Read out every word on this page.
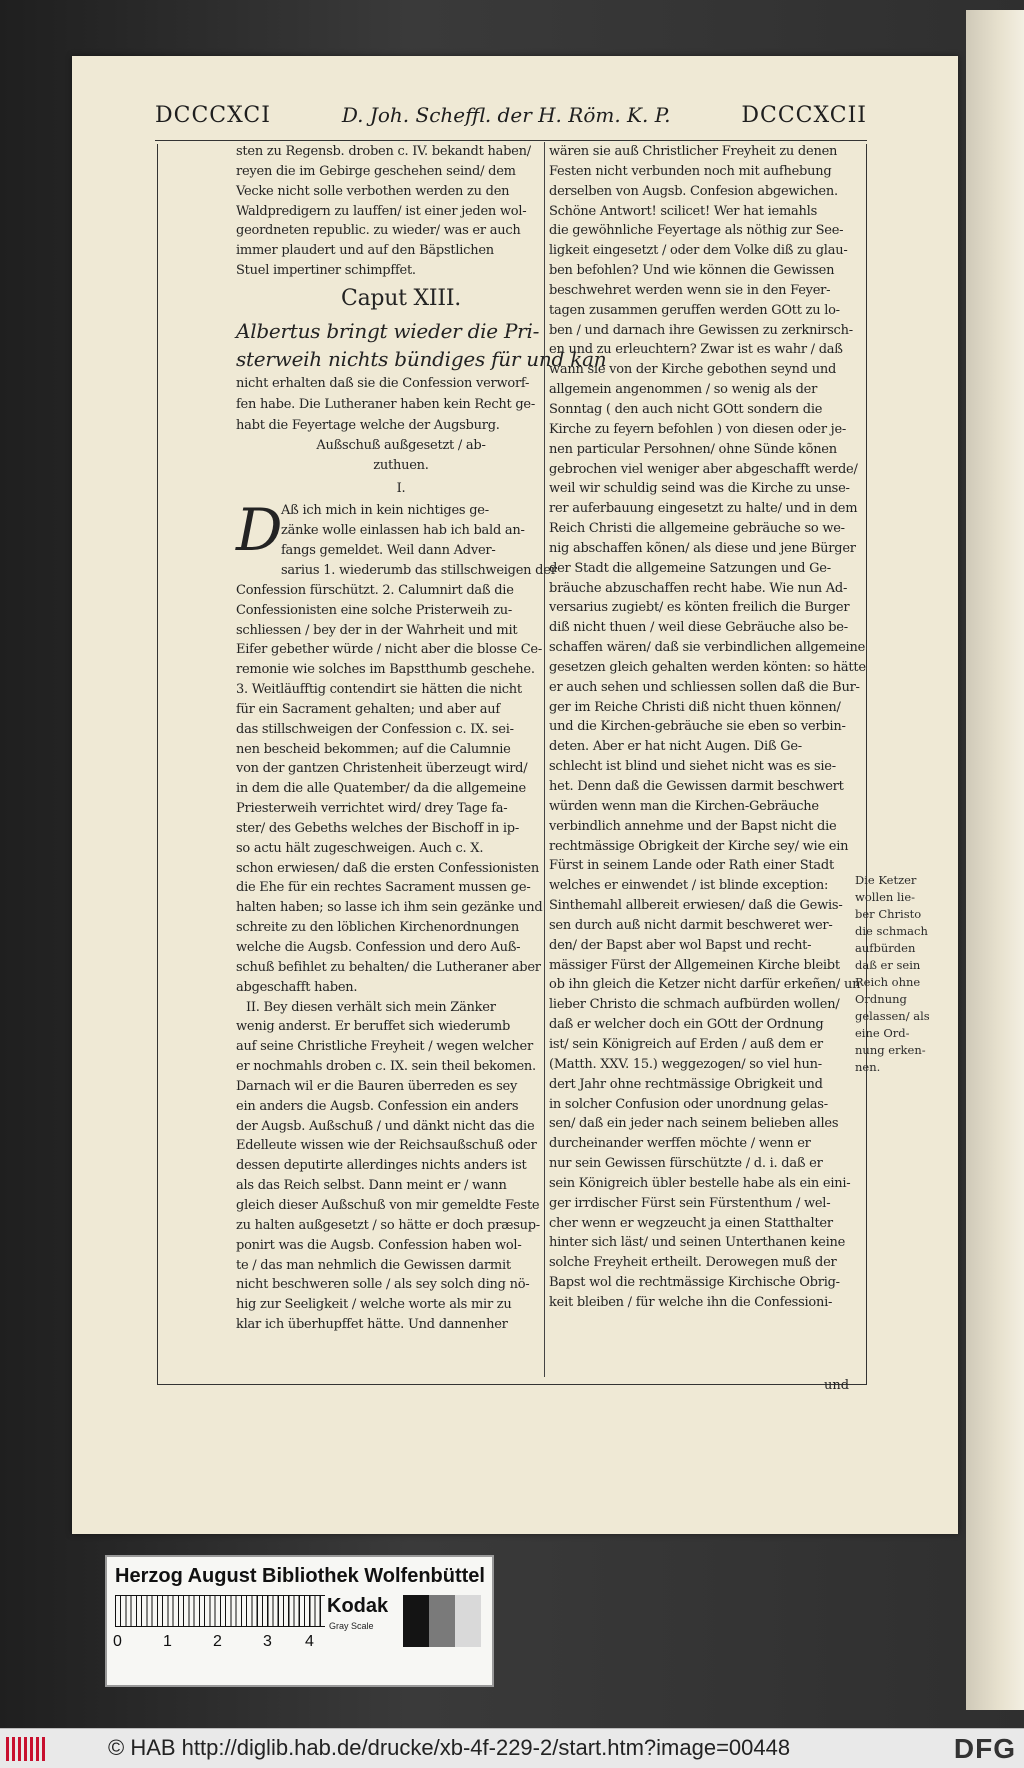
DCCCXCI	D. Joh. Scheffl. der H. Röm. K. P.	DCCCXCII
sten zu Regensb. droben c. IV. bekandt haben/
reyen die im Gebirge geschehen seind/ dem
Vecke nicht solle verbothen werden zu den
Waldpredigern zu lauffen/ ist einer jeden wol-
geordneten republic. zu wieder/ was er auch
immer plaudert und auf den Bäpstlichen
Stuel impertiner schimpffet.
Caput XIII.
Albertus bringt wieder die Pri-
sterweih nichts bündiges für und kan
nicht erhalten daß sie die Confession verworf-
fen habe. Die Lutheraner haben kein Recht ge-
habt die Feyertage welche der Augsburg.
Außschuß außgesetzt / ab-
zuthuen.
I.
D
Aß ich mich in kein nichtiges ge-
zänke wolle einlassen hab ich bald an-
fangs gemeldet. Weil dann Adver-
sarius 1. wiederumb das stillschweigen der
Confession fürschützt. 2. Calumnirt daß die
Confessionisten eine solche Pristerweih zu-
schliessen / bey der in der Wahrheit und mit
Eifer gebether würde / nicht aber die blosse Ce-
remonie wie solches im Bapstthumb geschehe.
3. Weitläufftig contendirt sie hätten die nicht
für ein Sacrament gehalten; und aber auf
das stillschweigen der Confession c. IX. sei-
nen bescheid bekommen; auf die Calumnie
von der gantzen Christenheit überzeugt wird/
in dem die alle Quatember/ da die allgemeine
Priesterweih verrichtet wird/ drey Tage fa-
ster/ des Gebeths welches der Bischoff in ip-
so actu hält zugeschweigen. Auch c. X.
schon erwiesen/ daß die ersten Confessionisten
die Ehe für ein rechtes Sacrament mussen ge-
halten haben; so lasse ich ihm sein gezänke und
schreite zu den löblichen Kirchenordnungen
welche die Augsb. Confession und dero Auß-
schuß befihlet zu behalten/ die Lutheraner aber
abgeschafft haben.
II. Bey diesen verhält sich mein Zänker
wenig anderst. Er beruffet sich wiederumb
auf seine Christliche Freyheit / wegen welcher
er nochmahls droben c. IX. sein theil bekomen.
Darnach wil er die Bauren überreden es sey
ein anders die Augsb. Confession ein anders
der Augsb. Außschuß / und dänkt nicht das die
Edelleute wissen wie der Reichsaußschuß oder
dessen deputirte allerdinges nichts anders ist
als das Reich selbst. Dann meint er / wann
gleich dieser Außschuß von mir gemeldte Feste
zu halten außgesetzt / so hätte er doch præsup-
ponirt was die Augsb. Confession haben wol-
te / das man nehmlich die Gewissen darmit
nicht beschweren solle / als sey solch ding nö-
hig zur Seeligkeit / welche worte als mir zu
klar ich überhupffet hätte. Und dannenher
wären sie auß Christlicher Freyheit zu denen
Festen nicht verbunden noch mit aufhebung
derselben von Augsb. Confesion abgewichen.
Schöne Antwort! scilicet! Wer hat iemahls
die gewöhnliche Feyertage als nöthig zur See-
ligkeit eingesetzt / oder dem Volke diß zu glau-
ben befohlen? Und wie können die Gewissen
beschwehret werden wenn sie in den Feyer-
tagen zusammen geruffen werden GOtt zu lo-
ben / und darnach ihre Gewissen zu zerknirsch-
en und zu erleuchtern? Zwar ist es wahr / daß
wann sie von der Kirche gebothen seynd und
allgemein angenommen / so wenig als der
Sonntag ( den auch nicht GOtt sondern die
Kirche zu feyern befohlen ) von diesen oder je-
nen particular Persohnen/ ohne Sünde kõnen
gebrochen viel weniger aber abgeschafft werde/
weil wir schuldig seind was die Kirche zu unse-
rer auferbauung eingesetzt zu halte/ und in dem
Reich Christi die allgemeine gebräuche so we-
nig abschaffen kõnen/ als diese und jene Bürger
der Stadt die allgemeine Satzungen und Ge-
bräuche abzuschaffen recht habe. Wie nun Ad-
versarius zugiebt/ es könten freilich die Burger
diß nicht thuen / weil diese Gebräuche also be-
schaffen wären/ daß sie verbindlichen allgemeine
gesetzen gleich gehalten werden könten: so hätte
er auch sehen und schliessen sollen daß die Bur-
ger im Reiche Christi diß nicht thuen können/
und die Kirchen-gebräuche sie eben so verbin-
deten. Aber er hat nicht Augen. Diß Ge-
schlecht ist blind und siehet nicht was es sie-
het. Denn daß die Gewissen darmit beschwert
würden wenn man die Kirchen-Gebräuche
verbindlich annehme und der Bapst nicht die
rechtmässige Obrigkeit der Kirche sey/ wie ein
Fürst in seinem Lande oder Rath einer Stadt
welches er einwendet / ist blinde exception:
Sinthemahl allbereit erwiesen/ daß die Gewis-
sen durch auß nicht darmit beschweret wer-
den/ der Bapst aber wol Bapst und recht-
mässiger Fürst der Allgemeinen Kirche bleibt
ob ihn gleich die Ketzer nicht darfür erkeñen/ un
lieber Christo die schmach aufbürden wollen/
daß er welcher doch ein GOtt der Ordnung
ist/ sein Königreich auf Erden / auß dem er
(Matth. XXV. 15.) weggezogen/ so viel hun-
dert Jahr ohne rechtmässige Obrigkeit und
in solcher Confusion oder unordnung gelas-
sen/ daß ein jeder nach seinem belieben alles
durcheinander werffen möchte / wenn er
nur sein Gewissen fürschützte / d. i. daß er
sein Königreich übler bestelle habe als ein eini-
ger irrdischer Fürst sein Fürstenthum / wel-
cher wenn er wegzeucht ja einen Statthalter
hinter sich läst/ und seinen Unterthanen keine
solche Freyheit ertheilt. Derowegen muß der
Bapst wol die rechtmässige Kirchische Obrig-
keit bleiben / für welche ihn die Confessioni-
Die Ketzer
wollen lie-
ber Christo
die schmach
aufbürden
daß er sein
Reich ohne
Ordnung
gelassen/ als
eine Ord-
nung erken-
nen.
Herzog August Bibliothek Wolfenbüttel
0	1	2	3 4
Kodak
Gray Scale
© HAB http://diglib.hab.de/drucke/xb-4f-229-2/start.htm?image=00448	DFG
und
